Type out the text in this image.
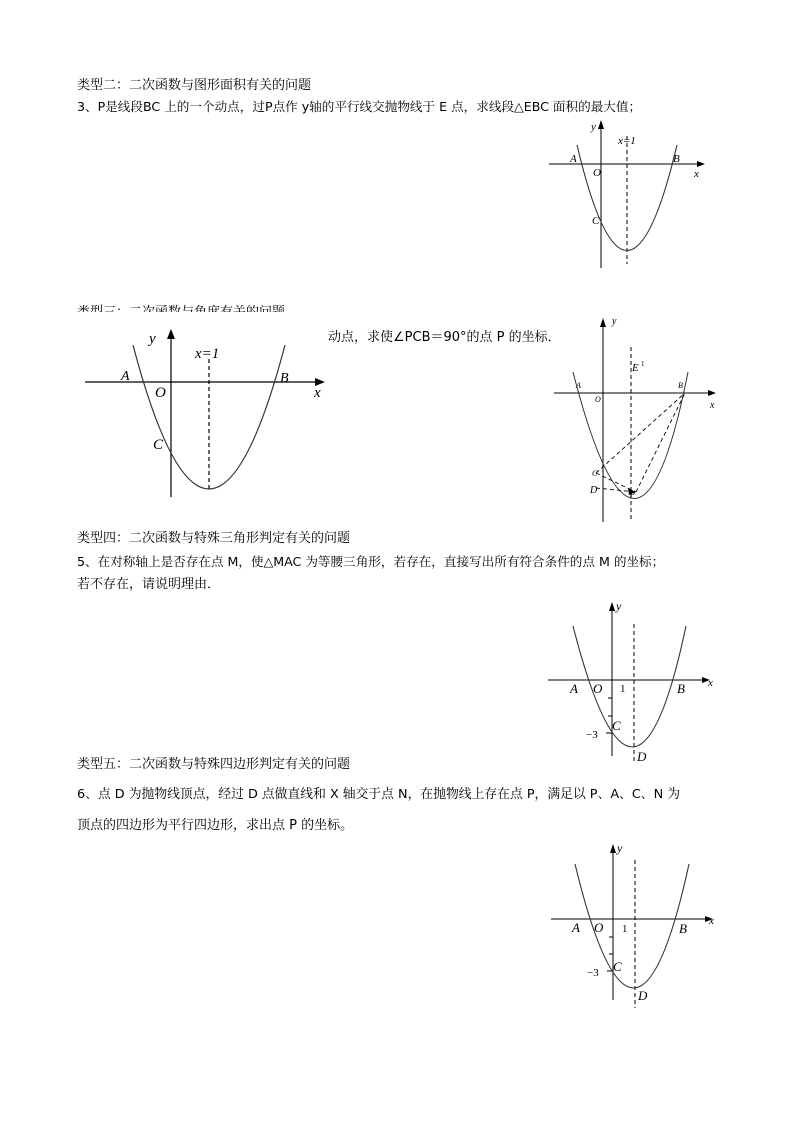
类型二：二次函数与图形面积有关的问题
3、P是线段BC 上的一个动点，过P点作 y轴的平行线交抛物线于 E 点，求线段△EBC 面积的最大值；
y
x
x=1
A	B
O
C
动点，求使∠PCB＝90°的点 P 的坐标．
y
x
x=1
A	B
O
C
y
x
E 1
A	B
O
C
D	P
类型四：二次函数与特殊三角形判定有关的问题
5、在对称轴上是否存在点 M，使△MAC 为等腰三角形，若存在，直接写出所有符合条件的点 M 的坐标；
若不存在，请说明理由．
y
x
A	B
O 1
C
−3
D
类型五：二次函数与特殊四边形判定有关的问题
6、点 D 为抛物线顶点，经过 D 点做直线和 X 轴交于点 N，在抛物线上存在点 P，满足以 P、A、C、N 为
顶点的四边形为平行四边形，求出点 P 的坐标。
y
x
A	B
O 1
C
−3
D
